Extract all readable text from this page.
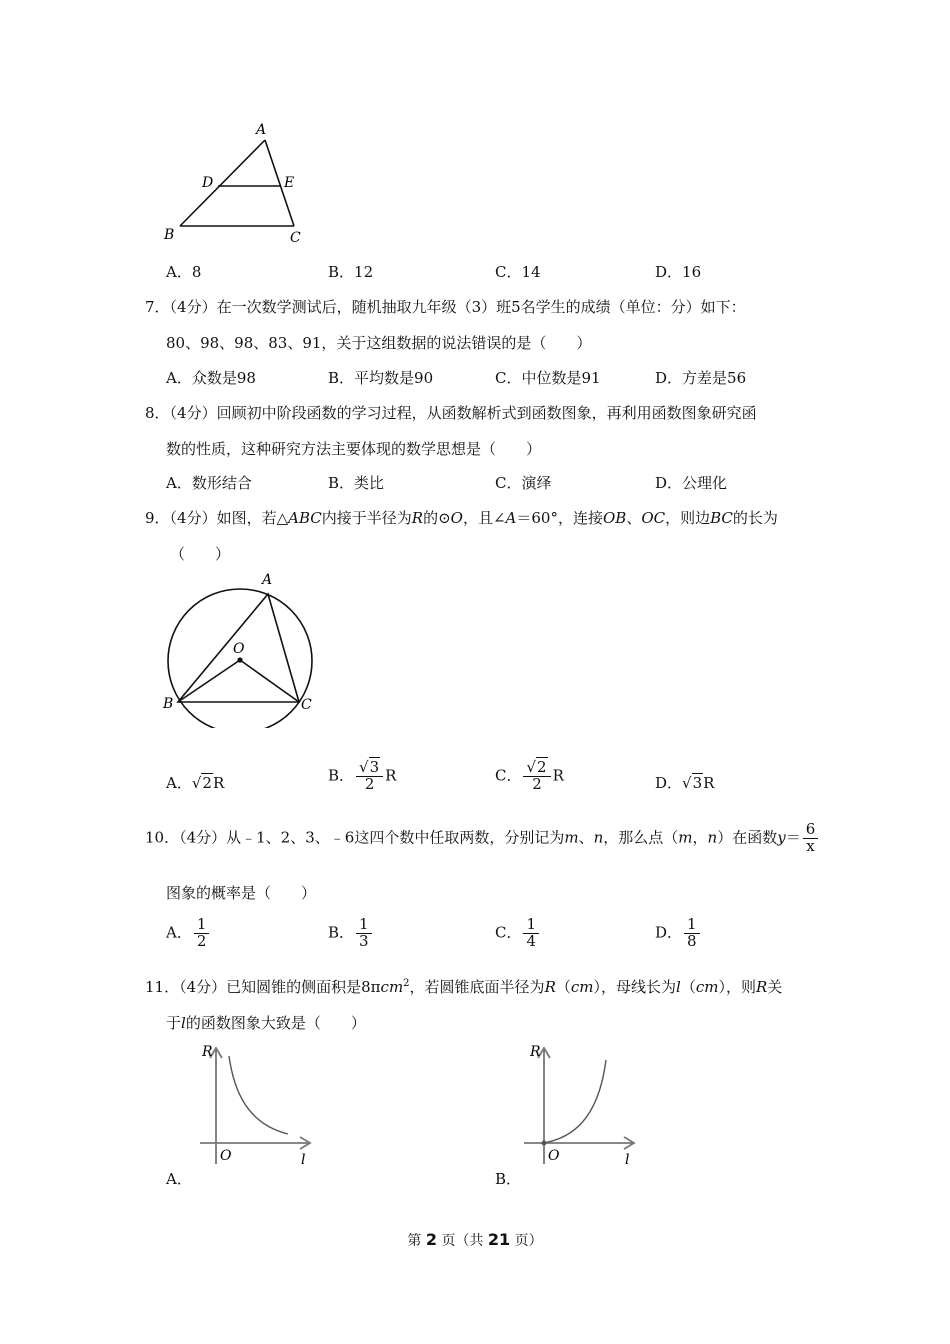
A
D	E
B	C
A．8	B．12	C．14	D．16
7．（4分）在一次数学测试后，随机抽取九年级（3）班5名学生的成绩（单位：分）如下：
80、98、98、83、91，关于这组数据的说法错误的是（　　）
A．众数是98	B．平均数是90	C．中位数是91	D．方差是56
8．（4分）回顾初中阶段函数的学习过程，从函数解析式到函数图象，再利用函数图象研究函
数的性质，这种研究方法主要体现的数学思想是（　　）
A．数形结合	B．类比	C．演绎	D．公理化
9．（4分）如图，若△ABC内接于半径为R的⊙O，且∠A＝60°，连接OB、OC，则边BC的长为
（　　）
A
O
B	C
A．√2R	B． $\frac{√3}{2}$ R	C． $\frac{√2}{2}$ R	D．√3R
10．（4分）从﹣1、2、3、﹣6这四个数中任取两数，分别记为m、n，那么点（m，n）在函数$y= \frac{6}{x}$
图象的概率是（　　）
A． $\frac{1}{2}$	B． $\frac{1}{3}$	C． $\frac{1}{4}$	D． $\frac{1}{8}$
11．（4分）已知圆锥的侧面积是8πcm$^2$，若圆锥底面半径为R（cm），母线长为l（cm），则R关
于l的函数图象大致是（　　）
R
O	l
A．
R
O	l
B．
第 2 页（共 21 页）
